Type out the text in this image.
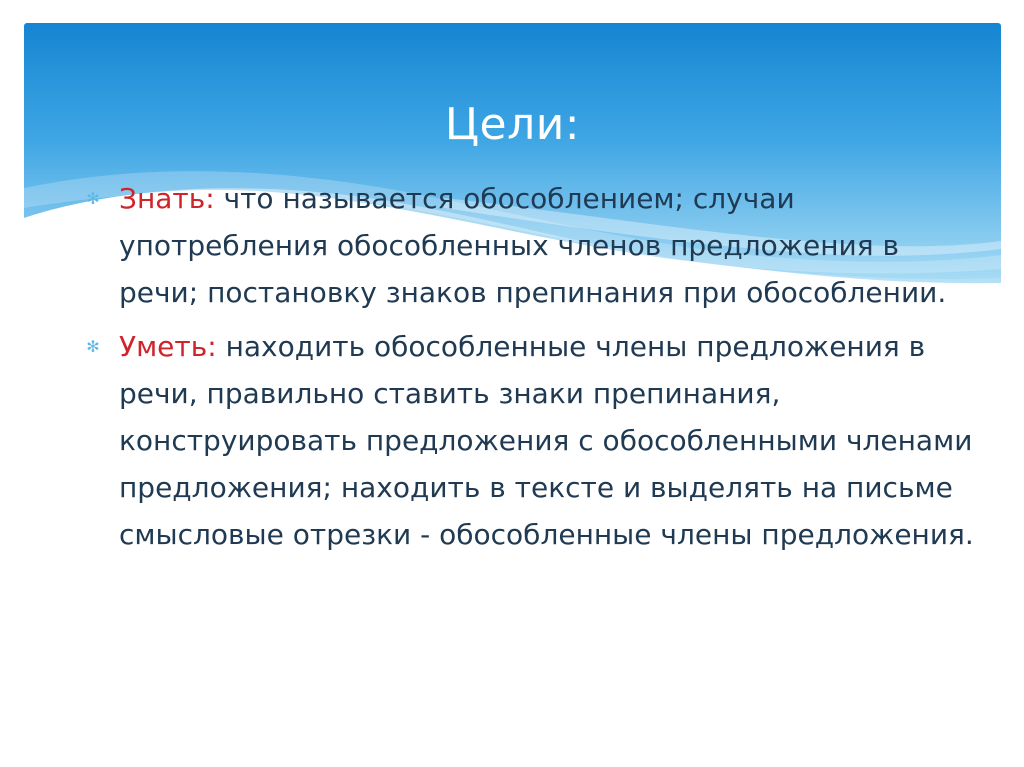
Цели:
✻ Знать: что называется обособлением; случаи употребления обособленных членов предложения в речи; постановку знаков препинания при обособлении.
✻ Уметь: находить обособленные члены предложения в речи, правильно ставить знаки препинания, конструировать предложения с обособленными членами предложения; находить в тексте и выделять на письме смысловые отрезки - обособленные члены предложения.
